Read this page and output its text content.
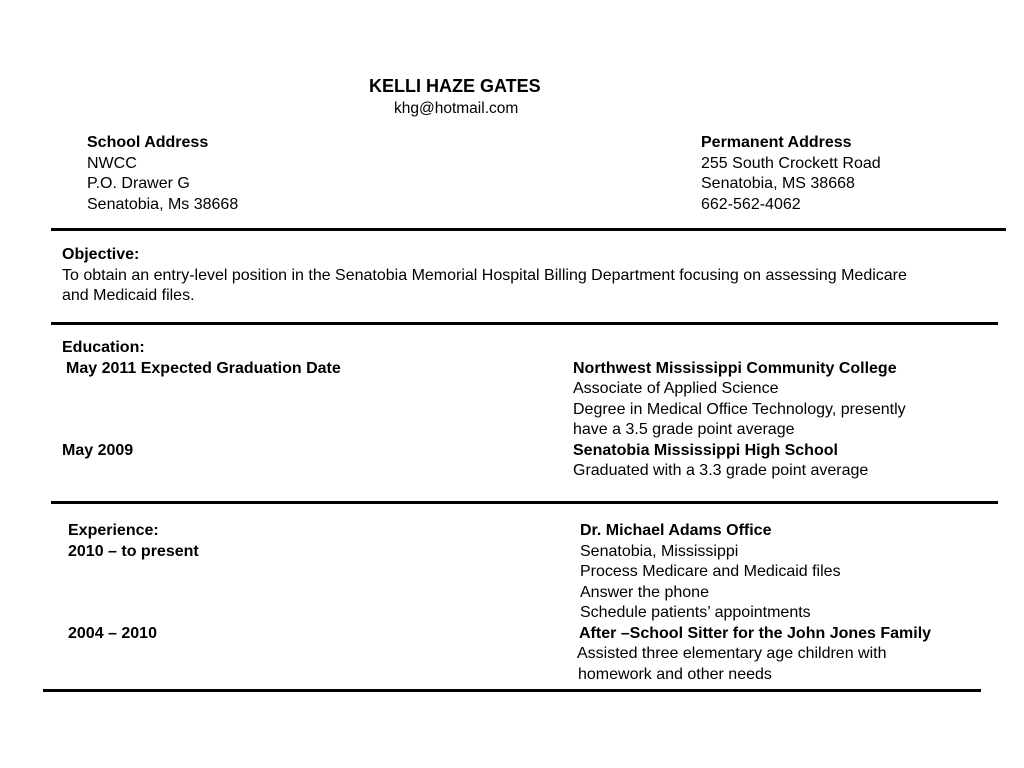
KELLI HAZE GATES
khg@hotmail.com
School Address
NWCC
P.O. Drawer G
Senatobia, Ms 38668
Permanent Address
255 South Crockett Road
Senatobia, MS 38668
662-562-4062
Objective:
To obtain an entry-level position in the Senatobia Memorial Hospital Billing Department focusing on assessing Medicare
and Medicaid files.
Education:
May 2011 Expected Graduation Date
May 2009
Northwest Mississippi Community College
Associate of Applied Science
Degree in Medical Office Technology, presently
have a 3.5 grade point average
Senatobia Mississippi High School
Graduated with a 3.3 grade point average
Experience:
2010 – to present
2004 – 2010
Dr. Michael Adams Office
Senatobia, Mississippi
Process Medicare and Medicaid files
Answer the phone
Schedule patients’ appointments
After –School Sitter for the John Jones Family
Assisted three elementary age children with
homework and other needs
